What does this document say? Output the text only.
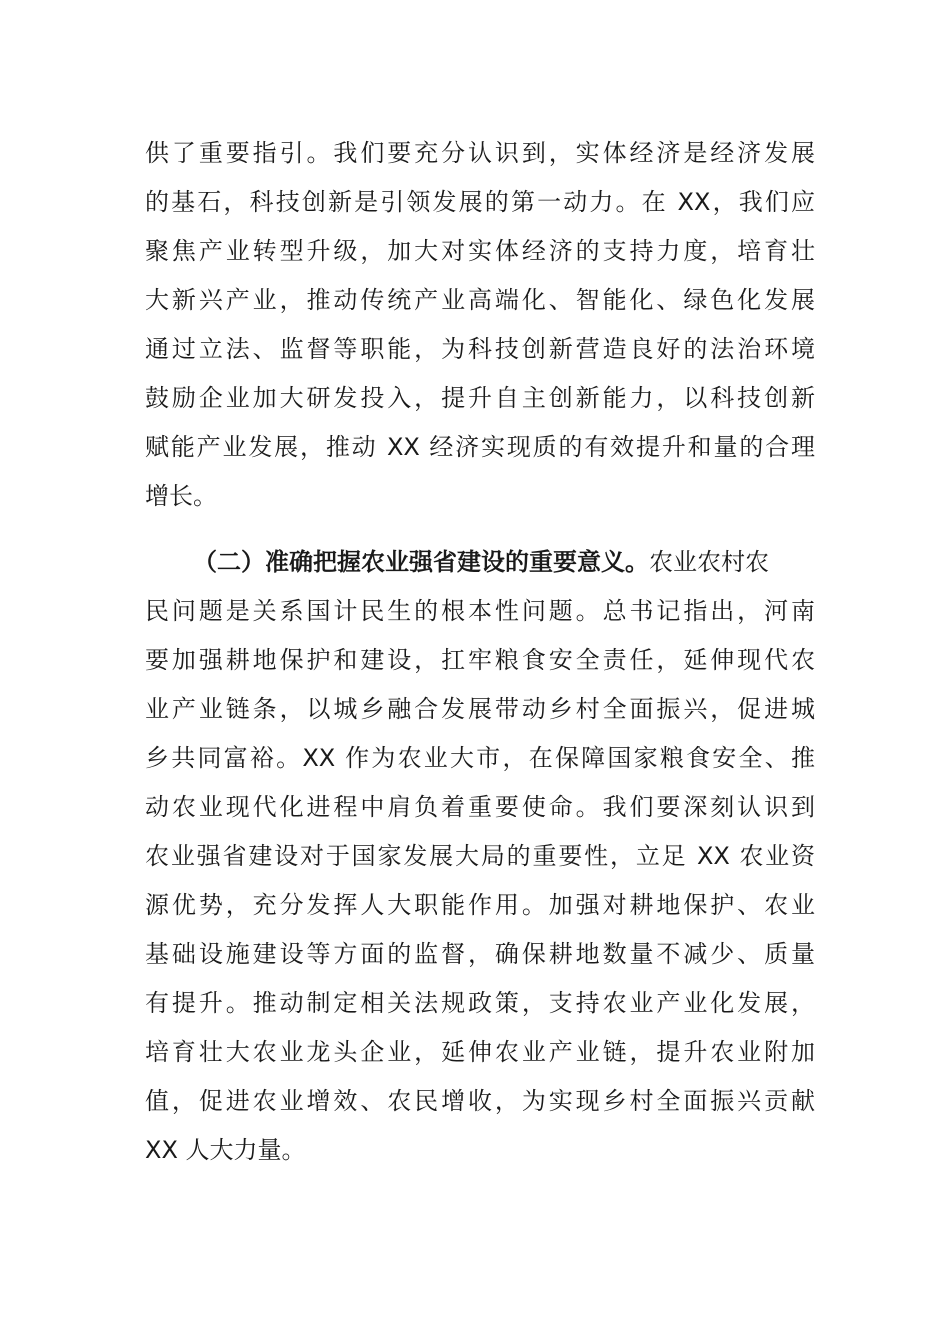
供了重要指引。我们要充分认识到，实体经济是经济发展
的基石，科技创新是引领发展的第一动力。在 XX，我们应
聚焦产业转型升级，加大对实体经济的支持力度，培育壮
大新兴产业，推动传统产业高端化、智能化、绿色化发展
通过立法、监督等职能，为科技创新营造良好的法治环境
鼓励企业加大研发投入，提升自主创新能力，以科技创新
赋能产业发展，推动 XX 经济实现质的有效提升和量的合理
增长。
（二）准确把握农业强省建设的重要意义。农业农村农
民问题是关系国计民生的根本性问题。总书记指出，河南
要加强耕地保护和建设，扛牢粮食安全责任，延伸现代农
业产业链条，以城乡融合发展带动乡村全面振兴，促进城
乡共同富裕。XX 作为农业大市，在保障国家粮食安全、推
动农业现代化进程中肩负着重要使命。我们要深刻认识到
农业强省建设对于国家发展大局的重要性，立足 XX 农业资
源优势，充分发挥人大职能作用。加强对耕地保护、农业
基础设施建设等方面的监督，确保耕地数量不减少、质量
有提升。推动制定相关法规政策，支持农业产业化发展，
培育壮大农业龙头企业，延伸农业产业链，提升农业附加
值，促进农业增效、农民增收，为实现乡村全面振兴贡献
XX 人大力量。
